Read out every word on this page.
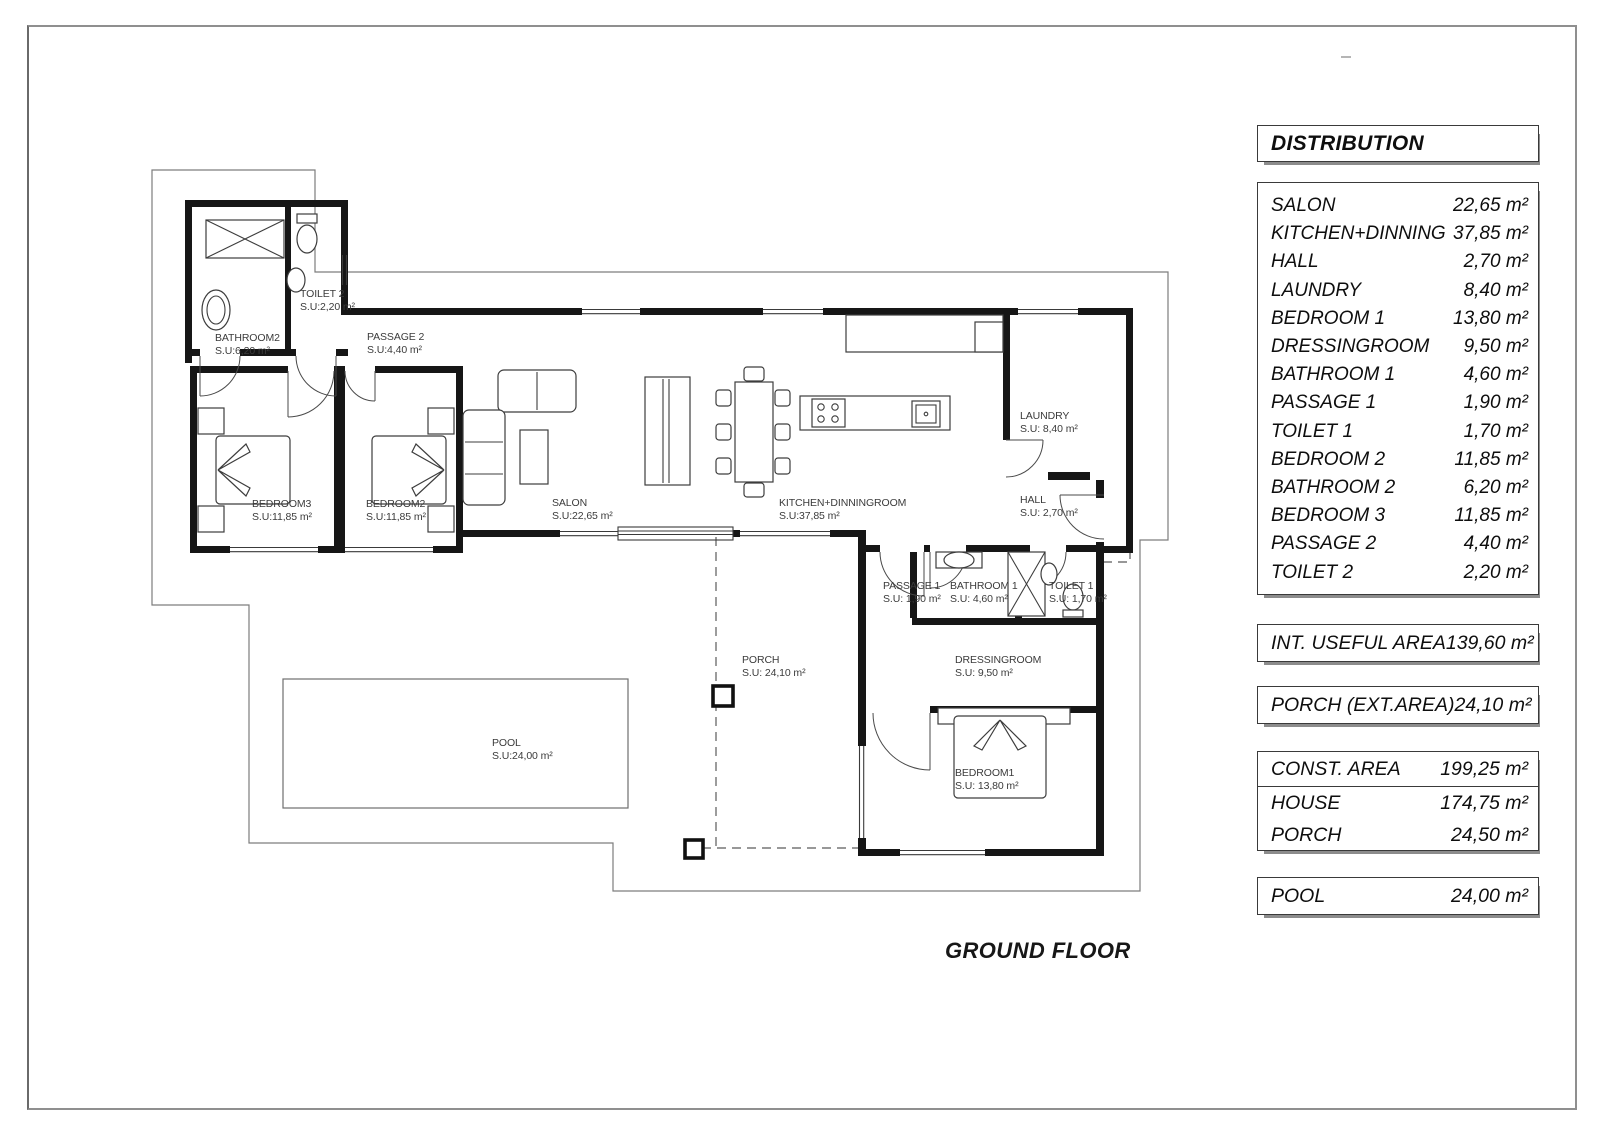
BATHROOM2
S.U:6,20 m²
TOILET 2
S.U:2,20 m²
PASSAGE 2
S.U:4,40 m²
BEDROOM3
S.U:11,85 m²
BEDROOM2
S.U:11,85 m²
SALON
S.U:22,65 m²
KITCHEN+DINNINGROOM
S.U:37,85 m²
LAUNDRY
S.U: 8,40 m²
HALL
S.U: 2,70 m²
PASSAGE 1
S.U: 1,90 m²
BATHROOM 1
S.U: 4,60 m²
TOILET 1
S.U: 1,70 m²
DRESSINGROOM
S.U: 9,50 m²
BEDROOM1
S.U: 13,80 m²
PORCH
S.U: 24,10 m²
POOL
S.U:24,00 m²
DISTRIBUTION
SALON	22,65 m²
KITCHEN+DINNING 37,85 m²
HALL	2,70 m²
LAUNDRY	8,40 m²
BEDROOM 1	13,80 m²
DRESSINGROOM 9,50 m²
BATHROOM 1	4,60 m²
PASSAGE 1	1,90 m²
TOILET 1	1,70 m²
BEDROOM 2	11,85 m²
BATHROOM 2	6,20 m²
BEDROOM 3	11,85 m²
PASSAGE 2	4,40 m²
TOILET 2	2,20 m²
INT. USEFUL AREA 139,60 m²
PORCH (EXT.AREA) 24,10 m²
CONST. AREA 199,25 m²
HOUSE	174,75 m²
PORCH	24,50 m²
POOL	24,00 m²
GROUND FLOOR
